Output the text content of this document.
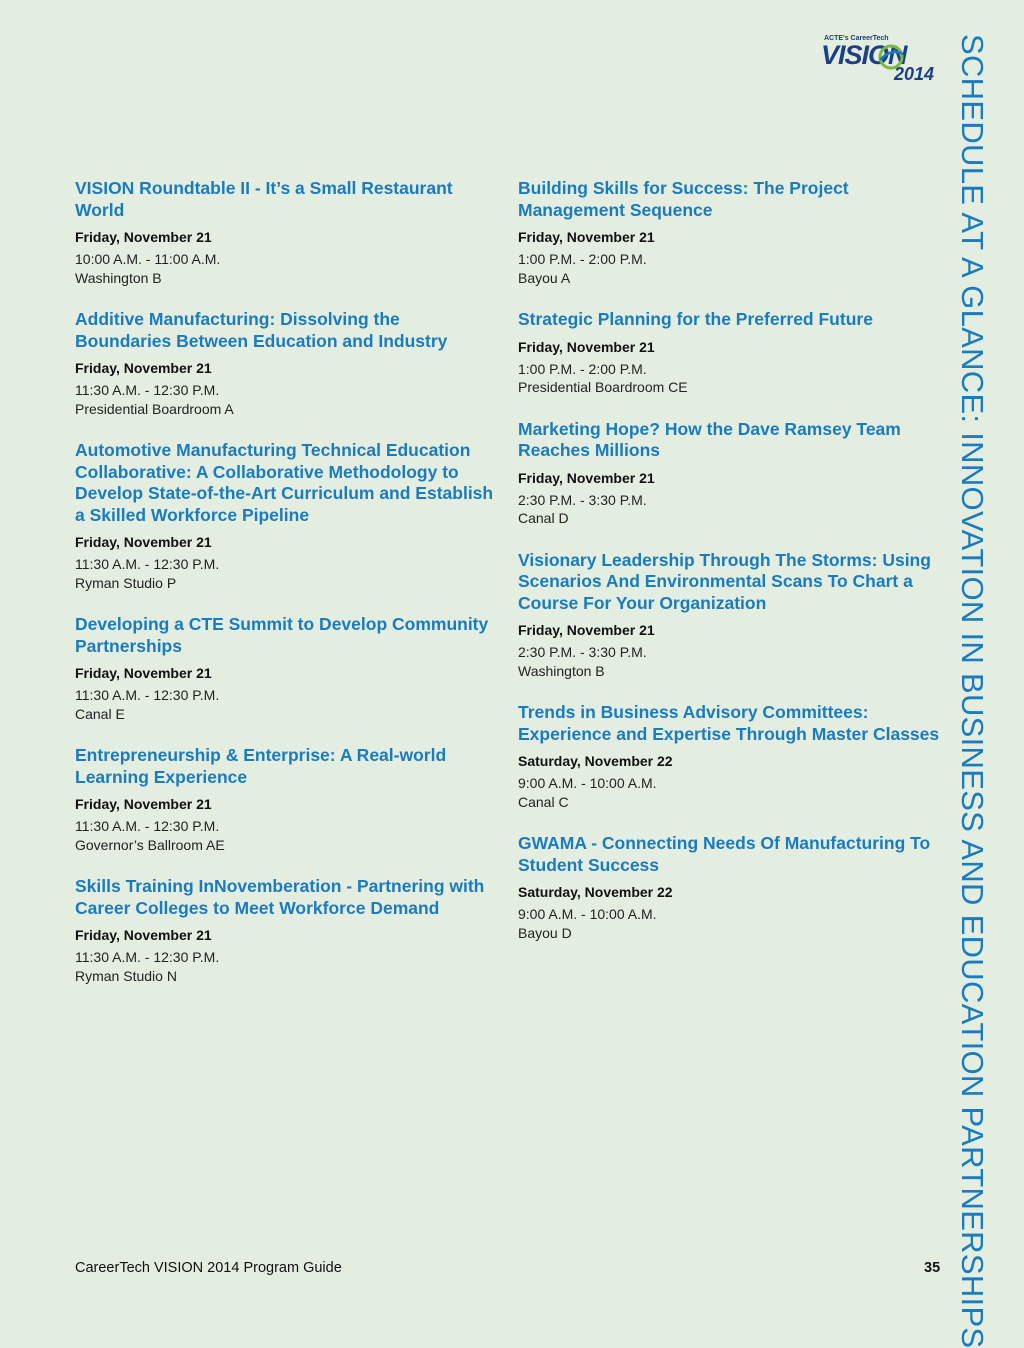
ACTE's CareerTech
VISION
2014 SCHEDULE AT A GLANCE: INNOVATION IN BUSINESS AND EDUCATION PARTNERSHIPS
VISION Roundtable II - It’s a Small Restaurant World
Friday, November 21
10:00 A.M. - 11:00 A.M.
Washington B
Additive Manufacturing: Dissolving the Boundaries Between Education and Industry
Friday, November 21
11:30 A.M. - 12:30 P.M.
Presidential Boardroom A
Automotive Manufacturing Technical Education Collaborative: A Collaborative Methodology to Develop State-of-the-Art Curriculum and Establish a Skilled Workforce Pipeline
Friday, November 21
11:30 A.M. - 12:30 P.M.
Ryman Studio P
Developing a CTE Summit to Develop Community Partnerships
Friday, November 21
11:30 A.M. - 12:30 P.M.
Canal E
Entrepreneurship & Enterprise: A Real-world Learning Experience
Friday, November 21
11:30 A.M. - 12:30 P.M.
Governor’s Ballroom AE
Skills Training InNovemberation - Partnering with Career Colleges to Meet Workforce Demand
Friday, November 21
11:30 A.M. - 12:30 P.M.
Ryman Studio N
Building Skills for Success: The Project Management Sequence
Friday, November 21
1:00 P.M. - 2:00 P.M.
Bayou A
Strategic Planning for the Preferred Future
Friday, November 21
1:00 P.M. - 2:00 P.M.
Presidential Boardroom CE
Marketing Hope? How the Dave Ramsey Team Reaches Millions
Friday, November 21
2:30 P.M. - 3:30 P.M.
Canal D
Visionary Leadership Through The Storms: Using Scenarios And Environmental Scans To Chart a Course For Your Organization
Friday, November 21
2:30 P.M. - 3:30 P.M.
Washington B
Trends in Business Advisory Committees: Experience and Expertise Through Master Classes
Saturday, November 22
9:00 A.M. - 10:00 A.M.
Canal C
GWAMA - Connecting Needs Of Manufacturing To Student Success
Saturday, November 22
9:00 A.M. - 10:00 A.M.
Bayou D
CareerTech VISION 2014 Program Guide	35
